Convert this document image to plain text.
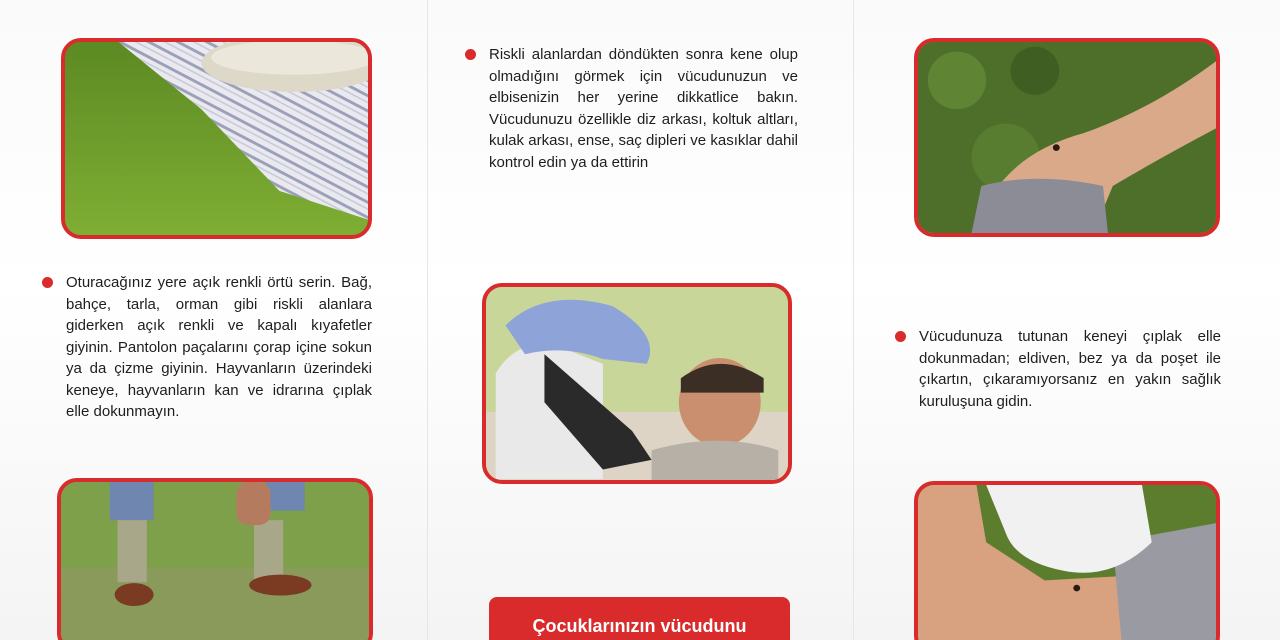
Oturacağınız yere açık renkli örtü serin. Bağ, bahçe, tarla, orman gibi riskli alanlara giderken açık renkli ve kapalı kıyafetler giyinin. Pantolon paçalarını çorap içine sokun ya da çizme giyinin. Hayvanların üzerindeki keneye, hayvanların kan ve idrarına çıplak elle dokunmayın.
Riskli alanlardan döndükten sonra kene olup olmadığını görmek için vücudunuzun ve elbisenizin her yerine dikkatlice bakın. Vücudunuzu özellikle diz arkası, koltuk altları, kulak arkası, ense, saç dipleri ve kasıklar dahil kontrol edin ya da ettirin
Çocuklarınızın vücudunu
Vücudunuza tutunan keneyi çıplak elle dokunmadan; eldiven, bez ya da poşet ile çıkartın, çıkaramıyorsanız en yakın sağlık kuruluşuna gidin.
